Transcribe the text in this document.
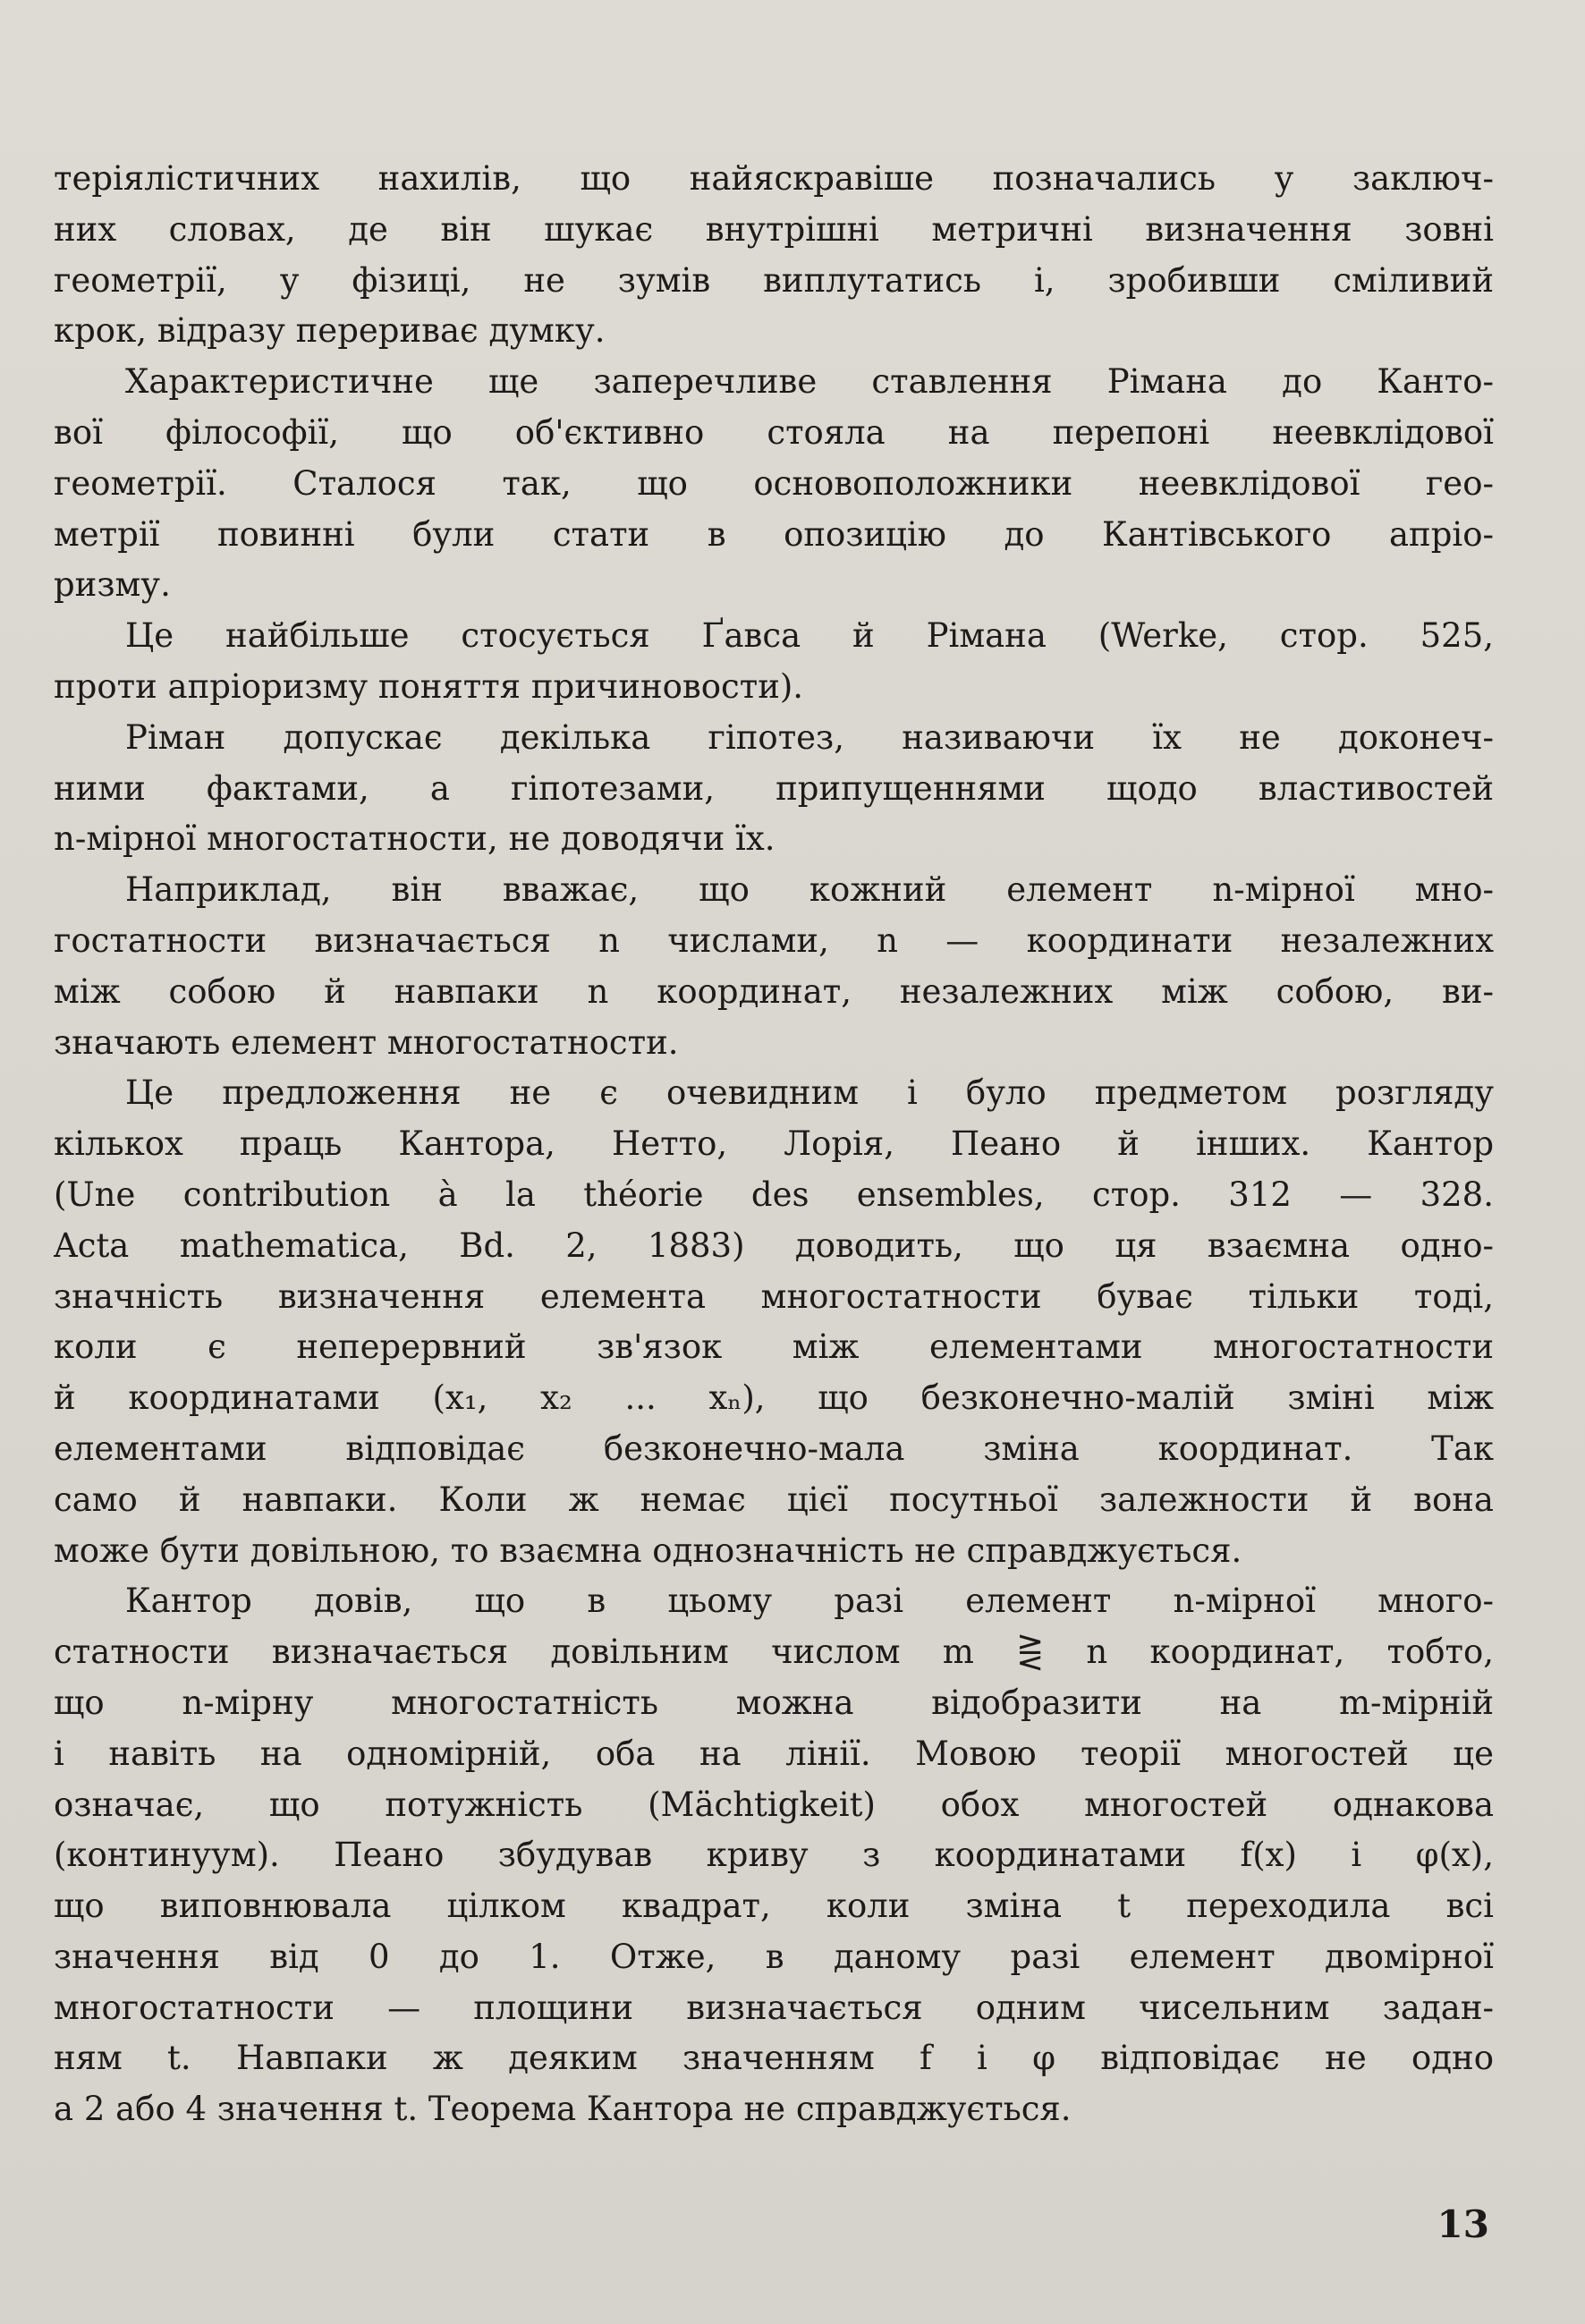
теріялістичних нахилів, що найяскравіше позначались у заключ-
них словах, де він шукає внутрішні метричні визначення зовні
геометрії, у фізиці, не зумів виплутатись і, зробивши сміливий
крок, відразу перериває думку.
Характеристичне ще заперечливе ставлення Рімана до Канто-
вої філософії, що об'єктивно стояла на перепоні неевклідової
геометрії. Сталося так, що основоположники неевклідової гео-
метрії повинні були стати в опозицію до Кантівського апріо-
ризму.
Це найбільше стосується Ґавса й Рімана (Werke, стор. 525,
проти апріоризму поняття причиновости).
Ріман допускає декілька гіпотез, називаючи їх не доконеч-
ними фактами, а гіпотезами, припущеннями щодо властивостей
n-мірної многостатности, не доводячи їх.
Наприклад, він вважає, що кожний елемент n-мірної мно-
гостатности визначається n числами, n — координати незалежних
між собою й навпаки n координат, незалежних між собою, ви-
значають елемент многостатности.
Це предложення не є очевидним і було предметом розгляду
кількох праць Кантора, Нетто, Лорія, Пеано й інших. Кантор
(Une contribution à la théorie des ensembles, стор. 312 — 328.
Acta mathematica, Bd. 2, 1883) доводить, що ця взаємна одно-
значність визначення елемента многостатности буває тільки тоді,
коли є неперервний зв'язок між елементами многостатности
й координатами (x₁, x₂ ... xₙ), що безконечно-малій зміні між
елементами відповідає безконечно-мала зміна координат. Так
само й навпаки. Коли ж немає цієї посутньої залежности й вона
може бути довільною, то взаємна однозначність не справджується.
Кантор довів, що в цьому разі елемент n-мірної много-
статности визначається довільним числом m ⋛ n координат, тобто,
що n-мірну многостатність можна відобразити на m-мірній
і навіть на одномірній, оба на лінії. Мовою теорії многостей це
означає, що потужність (Mächtigkeit) обох многостей однакова
(континуум). Пеано збудував криву з координатами f(x) і φ(x),
що виповнювала цілком квадрат, коли зміна t переходила всі
значення від 0 до 1. Отже, в даному разі елемент двомірної
многостатности — площини визначається одним чисельним задан-
ням t. Навпаки ж деяким значенням f і φ відповідає не одно
а 2 або 4 значення t. Теорема Кантора не справджується.
13
